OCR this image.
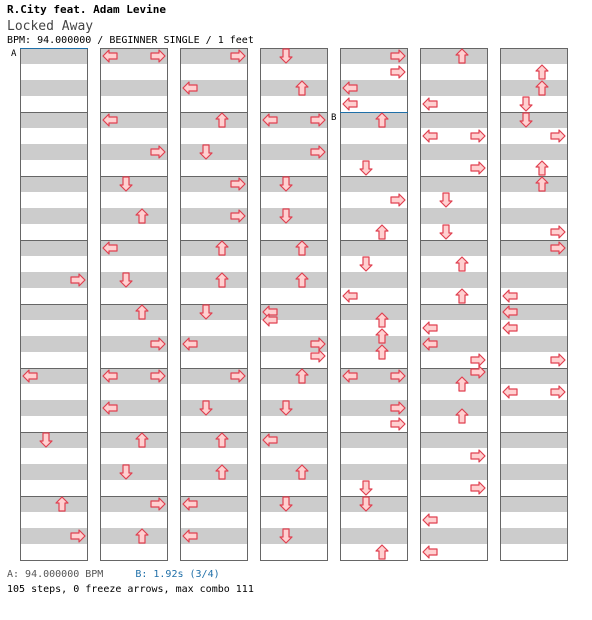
R.City feat. Adam Levine
Locked Away
BPM: 94.000000 / BEGINNER SINGLE / 1 feet
A
B
A: 94.000000 BPM	B: 1.92s (3/4)
105 steps, 0 freeze arrows, max combo 111
